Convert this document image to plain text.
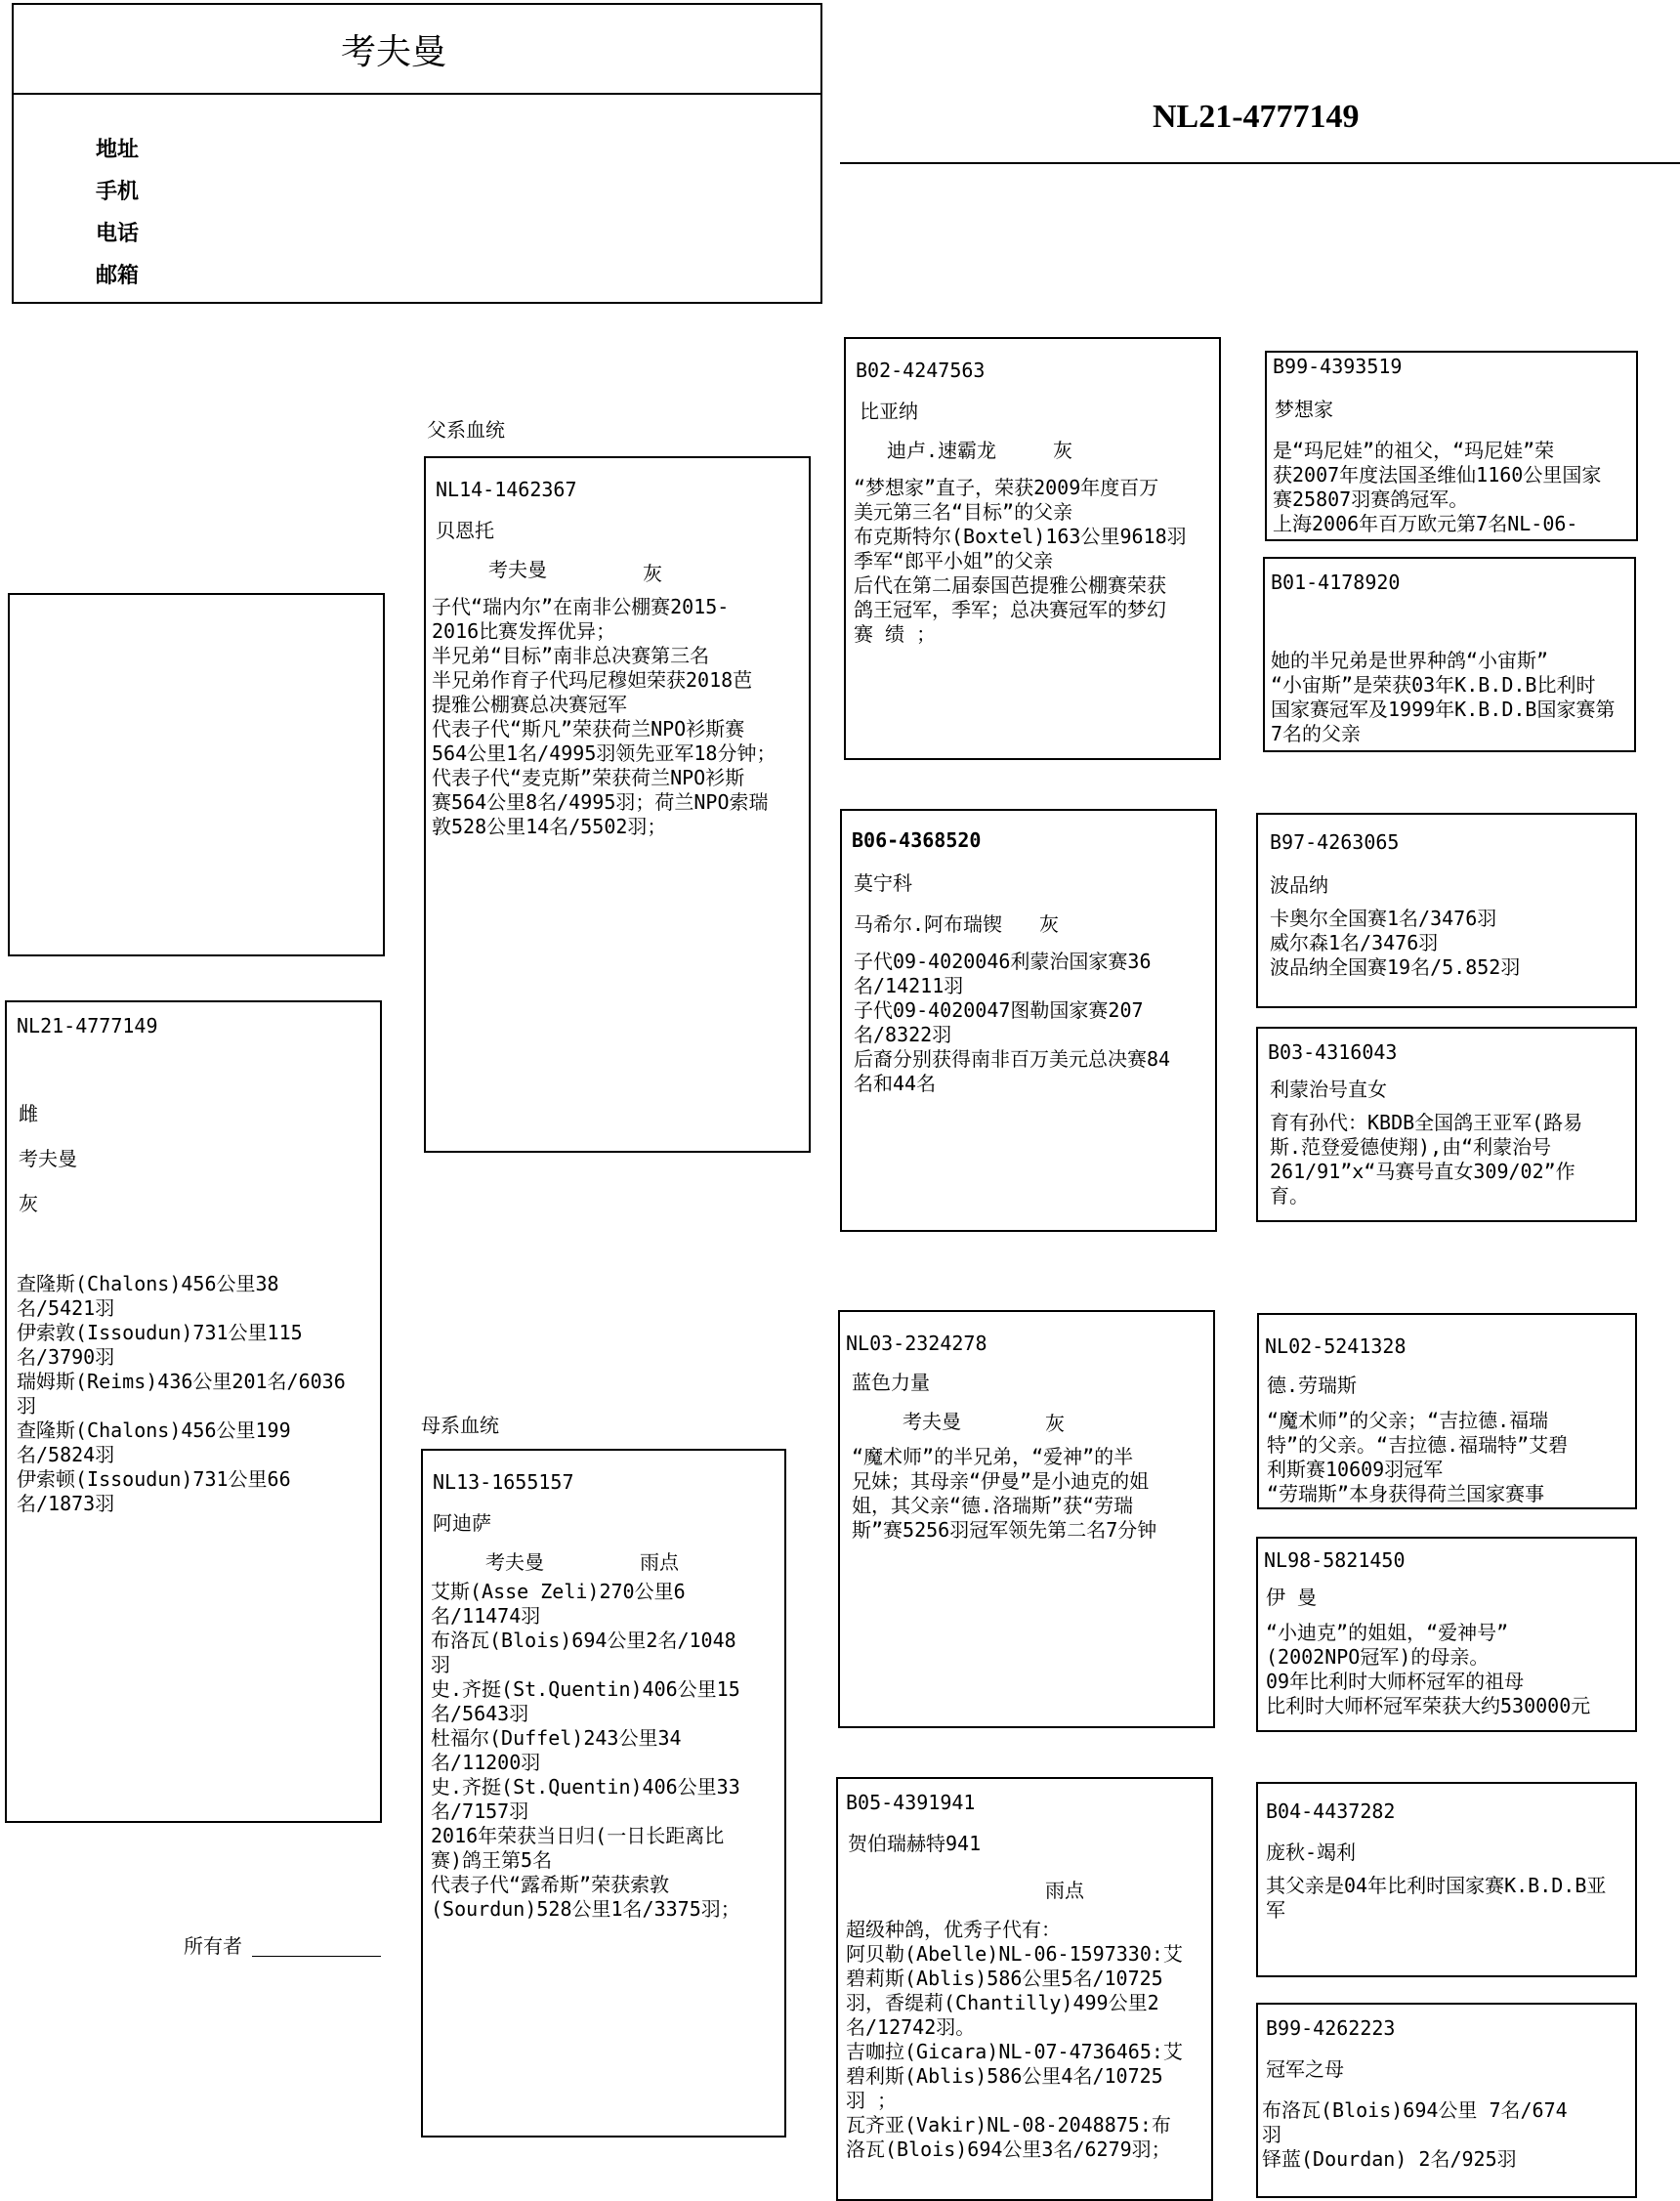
考夫曼
地址
手机
电话
邮箱
NL21-4777149
NL21-4777149
雌
考夫曼
灰
查隆斯(Chalons)456公里38
名/5421羽
伊索敦(Issoudun)731公里115
名/3790羽
瑞姆斯(Reims)436公里201名/6036
羽
查隆斯(Chalons)456公里199
名/5824羽
伊索顿(Issoudun)731公里66
名/1873羽
所有者
父系血统
NL14-1462367
贝恩托
考夫曼	灰
子代“瑞内尔”在南非公棚赛2015-
2016比赛发挥优异；
半兄弟“目标”南非总决赛第三名
半兄弟作育子代玛尼穆妲荣获2018芭
提雅公棚赛总决赛冠军
代表子代“斯凡”荣获荷兰NPO衫斯赛
564公里1名/4995羽领先亚军18分钟；
代表子代“麦克斯”荣获荷兰NPO衫斯
赛564公里8名/4995羽；荷兰NPO索瑞
敦528公里14名/5502羽；
母系血统
NL13-1655157
阿迪萨
考夫曼	雨点
艾斯(Asse Zeli)270公里6
名/11474羽
布洛瓦(Blois)694公里2名/1048
羽
史.齐挺(St.Quentin)406公里15
名/5643羽
杜福尔(Duffel)243公里34
名/11200羽
史.齐挺(St.Quentin)406公里33
名/7157羽
2016年荣获当日归(一日长距离比
赛)鸽王第5名
代表子代“露希斯”荣获索敦
(Sourdun)528公里1名/3375羽；
B02-4247563
比亚纳
迪卢.速霸龙	灰
“梦想家”直子，荣获2009年度百万
美元第三名“目标”的父亲
布克斯特尔(Boxtel)163公里9618羽
季军“郎平小姐”的父亲
后代在第二届泰国芭提雅公棚赛荣获
鸽王冠军，季军；总决赛冠军的梦幻
赛 绩 ；
B06-4368520
莫宁科
马希尔.阿布瑞锲 灰
子代09-4020046利蒙治国家赛36
名/14211羽
子代09-4020047图勒国家赛207
名/8322羽
后裔分别获得南非百万美元总决赛84
名和44名
NL03-2324278
蓝色力量
考夫曼	灰
“魔术师”的半兄弟，“爱神”的半
兄妹；其母亲“伊曼”是小迪克的姐
姐，其父亲“德.洛瑞斯”获“劳瑞
斯”赛5256羽冠军领先第二名7分钟
B05-4391941
贺伯瑞赫特941
雨点
超级种鸽，优秀子代有：
阿贝勒(Abelle)NL-06-1597330:艾
碧莉斯(Ablis)586公里5名/10725
羽，香缇莉(Chantilly)499公里2
名/12742羽。
吉咖拉(Gicara)NL-07-4736465:艾
碧利斯(Ablis)586公里4名/10725
羽 ；
瓦齐亚(Vakir)NL-08-2048875:布
洛瓦(Blois)694公里3名/6279羽；
B99-4393519
梦想家
是“玛尼娃”的祖父，“玛尼娃”荣
获2007年度法国圣维仙1160公里国家
赛25807羽赛鸽冠军。
上海2006年百万欧元第7名NL-06-
B01-4178920
她的半兄弟是世界种鸽“小宙斯”
“小宙斯”是荣获03年K.B.D.B比利时
国家赛冠军及1999年K.B.D.B国家赛第
7名的父亲
B97-4263065
波品纳
卡奥尔全国赛1名/3476羽
威尔森1名/3476羽
波品纳全国赛19名/5.852羽
B03-4316043
利蒙治号直女
育有孙代：KBDB全国鸽王亚军(路易
斯.范登爱德使翔),由“利蒙治号
261/91”x“马赛号直女309/02”作
育。
NL02-5241328
德.劳瑞斯
“魔术师”的父亲；“吉拉德.福瑞
特”的父亲。“吉拉德.福瑞特”艾碧
利斯赛10609羽冠军
“劳瑞斯”本身获得荷兰国家赛事
NL98-5821450
伊 曼
“小迪克”的姐姐，“爱神号”
(2002NPO冠军)的母亲。
09年比利时大师杯冠军的祖母
比利时大师杯冠军荣获大约530000元
B04-4437282
庞秋-竭利
其父亲是04年比利时国家赛K.B.D.B亚
军
B99-4262223
冠军之母
布洛瓦(Blois)694公里 7名/674
羽
铎蓝(Dourdan) 2名/925羽
